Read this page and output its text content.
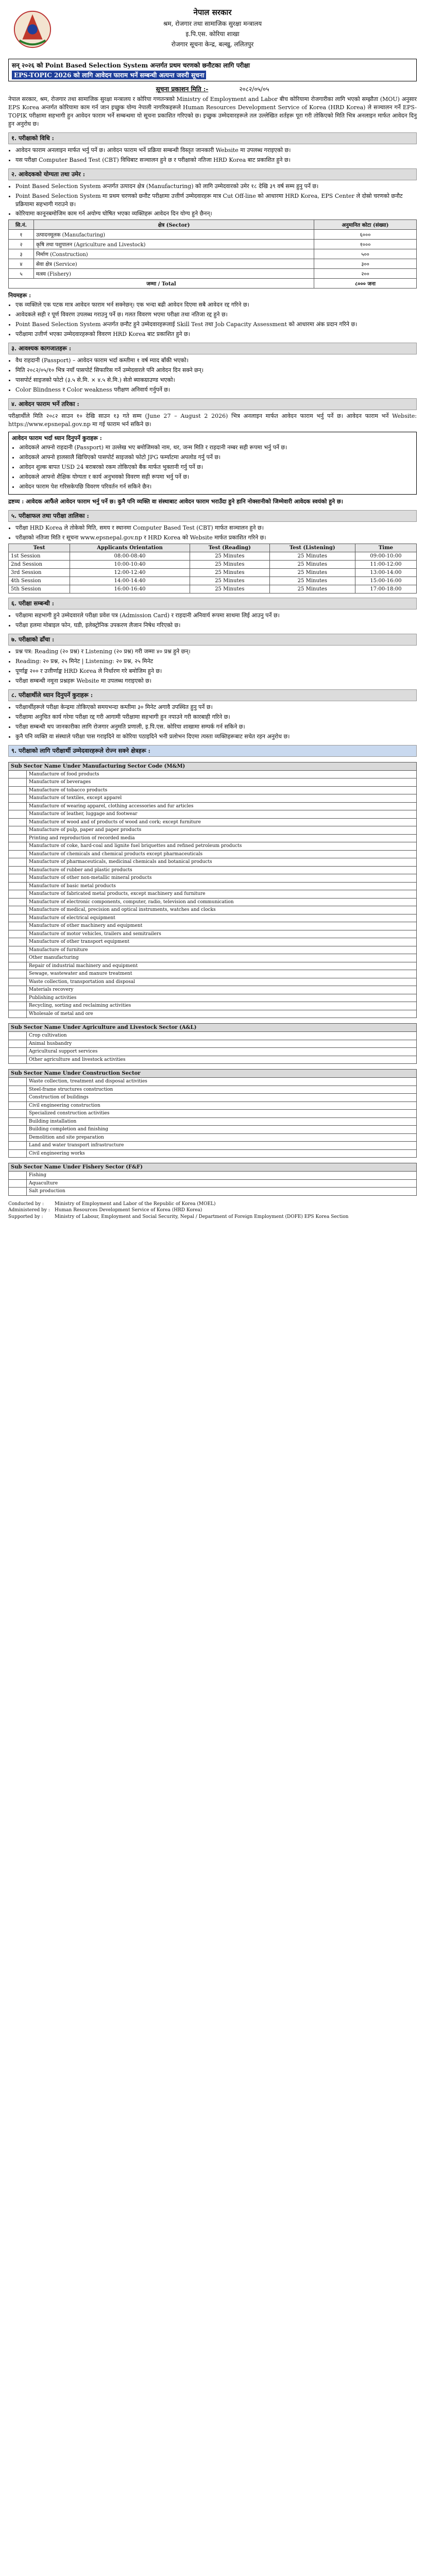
नेपाल सरकार
श्रम, रोजगार तथा सामाजिक सुरक्षा मन्त्रालय
इ.पि.एस. कोरिया शाखा
रोजगार सूचना केन्द्र, बल्खु, ललितपुर
सन् २०२६ को Point Based Selection System अन्तर्गत प्रथम चरणको छनौटका लागि परीक्षा
EPS-TOPIC 2026 को लागि आवेदन फाराम भर्ने सम्बन्धी अत्यन्त जरुरी सूचना
सूचना प्रकाशन मिति :-	२०८२/०५/०५

नेपाल सरकार, श्रम, रोजगार तथा सामाजिक सुरक्षा मन्त्रालय र कोरिया गणतन्त्रको Ministry of Employment and Labor बीच कोरियामा रोजगारीका लागि भएको सम्झौता (MOU) अनुसार EPS Korea अन्तर्गत कोरियामा काम गर्न जान इच्छुक योग्य नेपाली नागरिकहरूले Human Resources Development Service of Korea (HRD Korea) ले सञ्चालन गर्ने EPS-TOPIK परीक्षामा सहभागी हुन आवेदन फाराम भर्ने सम्बन्धमा यो सूचना प्रकाशित गरिएको छ। इच्छुक उम्मेदवारहरूले तल उल्लेखित शर्तहरू पूरा गरी तोकिएको मिति भित्र अनलाइन मार्फत आवेदन दिनु हुन अनुरोध छ।

१. परीक्षाको विधि :
• आवेदन फाराम अनलाइन मार्फत भर्नु पर्ने छ। आवेदन फाराम भर्ने प्रक्रिया सम्बन्धी विस्तृत जानकारी Website मा उपलब्ध गराइएको छ।
• यस परीक्षा Computer Based Test (CBT) विधिबाट सञ्चालन हुने छ र परीक्षाको नतिजा HRD Korea बाट प्रकाशित हुने छ।
२. आवेदकको योग्यता तथा उमेर :
• Point Based Selection System अन्तर्गत उत्पादन क्षेत्र (Manufacturing) को लागि उम्मेदवारको उमेर १८ देखि ३९ वर्ष सम्म हुनु पर्ने छ।
• Point Based Selection System मा प्रथम चरणको छनौट परीक्षामा उत्तीर्ण उम्मेदवारहरू मात्र Cut Off-line को आधारमा HRD Korea, EPS Center ले दोस्रो चरणको छनौट प्रक्रियामा सहभागी गराउने छ।
• कोरियामा कानूनबमोजिम काम गर्न अयोग्य घोषित भएका व्यक्तिहरू आवेदन दिन योग्य हुने छैनन्।
सि.नं.	क्षेत्र (Sector)	अनुमानित कोटा (संख्या)
१	उत्पादनमूलक (Manufacturing)	६०००
२	कृषि तथा पशुपालन (Agriculture and Livestock)	१०००
३	निर्माण (Construction)	५००
४	सेवा क्षेत्र (Service)	३००
५	मत्स्य (Fishery)	२००
जम्मा / Total		८००० जना
नियमहरू :
• एक व्यक्तिले एक पटक मात्र आवेदन फाराम भर्न सक्नेछन्। एक भन्दा बढी आवेदन दिएमा सबै आवेदन रद्द गरिने छ।
• आवेदकले सही र पूर्ण विवरण उपलब्ध गराउनु पर्ने छ। गलत विवरण भएमा परीक्षा तथा नतिजा रद्द हुने छ।
• Point Based Selection System अन्तर्गत छनौट हुने उम्मेदवारहरूलाई Skill Test तथा Job Capacity Assessment को आधारमा अंक प्रदान गरिने छ।
• परीक्षामा उत्तीर्ण भएका उम्मेदवारहरूको विवरण HRD Korea बाट प्रकाशित हुने छ।
३. आवश्यक कागजातहरू :
• वैध राहदानी (Passport) – आवेदन फाराम भर्दा कम्तीमा १ वर्ष म्याद बाँकी भएको।
• मिति २०८२/०५/१० भित्र नयाँ पासपोर्ट सिफारिस गर्ने उम्मेदवारले पनि आवेदन दिन सक्ने छन्।
• पासपोर्ट साइजको फोटो (३.५ से.मि. × ४.५ से.मि.) सेतो ब्याकग्राउण्ड भएको।
• Color Blindness र Color weakness परीक्षण अनिवार्य गर्नुपर्ने छ।
४. आवेदन फाराम भर्ने तरिका :

परीक्षार्थीले मिति २०८२ साउन १० देखि साउन १३ गते सम्म (June 27 – August 2 2026) भित्र अनलाइन मार्फत आवेदन फाराम भर्नु पर्ने छ। आवेदन फाराम भर्ने Website: https://www.epsnepal.gov.np मा गई फाराम भर्न सकिने छ।

आवेदन फाराम भर्दा ध्यान दिनुपर्ने कुराहरू :
• आवेदकले आफ्नो राहदानी (Passport) मा उल्लेख भए बमोजिमको नाम, थर, जन्म मिति र राहदानी नम्बर सही रूपमा भर्नु पर्ने छ।
• आवेदकले आफ्नो हालसालै खिचिएको पासपोर्ट साइजको फोटो JPG फर्म्याटमा अपलोड गर्नु पर्ने छ।
• आवेदन शुल्क बापत USD 24 बराबरको रकम तोकिएको बैंक मार्फत भुक्तानी गर्नु पर्ने छ।
• आवेदकले आफ्नो शैक्षिक योग्यता र कार्य अनुभवको विवरण सही रूपमा भर्नु पर्ने छ।
• आवेदन फाराम पेश गरिसकेपछि विवरण परिवर्तन गर्न सकिने छैन।

द्रष्टव्य : आवेदक आफैंले आवेदन फाराम भर्नु पर्ने छ। कुनै पनि व्यक्ति वा संस्थाबाट आवेदन फाराम भराउँदा हुने हानि नोक्सानीको जिम्मेवारी आवेदक स्वयंको हुने छ।

५. परीक्षाफल तथा परीक्षा तालिका :
• परीक्षा HRD Korea ले तोकेको मिति, समय र स्थानमा Computer Based Test (CBT) मार्फत सञ्चालन हुने छ।
• परीक्षाको नतिजा मिति र सूचना www.epsnepal.gov.np र HRD Korea को Website मार्फत प्रकाशित गरिने छ।
Test	Applicants Orientation	Test (Reading)	Test (Listening)	Time
1st Session	08:00-08:40	25 Minutes	25 Minutes	09:00-10:00
2nd Session	10:00-10:40	25 Minutes	25 Minutes	11:00-12:00
3rd Session	12:00-12:40	25 Minutes	25 Minutes	13:00-14:00
4th Session	14:00-14:40	25 Minutes	25 Minutes	15:00-16:00
5th Session	16:00-16:40	25 Minutes	25 Minutes	17:00-18:00
६. परीक्षा सम्बन्धी :
• परीक्षामा सहभागी हुने उम्मेदवारले परीक्षा प्रवेश पत्र (Admission Card) र राहदानी अनिवार्य रूपमा साथमा लिई आउनु पर्ने छ।
• परीक्षा हलमा मोबाइल फोन, घडी, इलेक्ट्रोनिक उपकरण लैजान निषेध गरिएको छ।
७. परीक्षाको ढाँचा :
• प्रश्न पत्र: Reading (२० प्रश्न) र Listening (२० प्रश्न) गरी जम्मा ४० प्रश्न हुने छन्।
• Reading: २० प्रश्न, २५ मिनेट | Listening: २० प्रश्न, २५ मिनेट
• पूर्णाङ्क २०० र उत्तीर्णाङ्क HRD Korea ले निर्धारण गरे बमोजिम हुने छ।
• परीक्षा सम्बन्धी नमूना प्रश्नहरू Website मा उपलब्ध गराइएको छ।
८. परीक्षार्थीले ध्यान दिनुपर्ने कुराहरू :
• परीक्षार्थीहरूले परीक्षा केन्द्रमा तोकिएको समयभन्दा कम्तीमा ३० मिनेट अगावै उपस्थित हुनु पर्ने छ।
• परीक्षामा अनुचित कार्य गरेमा परीक्षा रद्द गरी आगामी परीक्षामा सहभागी हुन नपाउने गरी कारबाही गरिने छ।
• परीक्षा सम्बन्धी थप जानकारीका लागि रोजगार अनुमति प्रणाली, इ.पि.एस. कोरिया शाखामा सम्पर्क गर्न सकिने छ।
• कुनै पनि व्यक्ति वा संस्थाले परीक्षा पास गराइदिने वा कोरिया पठाइदिने भनी प्रलोभन दिएमा त्यस्ता व्यक्तिहरूबाट सचेत रहन अनुरोध छ।
९. परीक्षाको लागि परीक्षार्थी उम्मेदवारहरूले रोज्न सक्ने क्षेत्रहरू :
Sub Sector Name Under Manufacturing Sector Code (M&M)	
	Manufacture of food products
	Manufacture of beverages
	Manufacture of tobacco products
	Manufacture of textiles, except apparel
	Manufacture of wearing apparel, clothing accessories and fur articles
	Manufacture of leather, luggage and footwear
	Manufacture of wood and of products of wood and cork; except furniture
	Manufacture of pulp, paper and paper products
	Printing and reproduction of recorded media
	Manufacture of coke, hard-coal and lignite fuel briquettes and refined petroleum products
	Manufacture of chemicals and chemical products except pharmaceuticals
	Manufacture of pharmaceuticals, medicinal chemicals and botanical products
	Manufacture of rubber and plastic products
	Manufacture of other non-metallic mineral products
	Manufacture of basic metal products
	Manufacture of fabricated metal products, except machinery and furniture
	Manufacture of electronic components, computer, radio, television and communication
	Manufacture of medical, precision and optical instruments, watches and clocks
	Manufacture of electrical equipment
	Manufacture of other machinery and equipment
	Manufacture of motor vehicles, trailers and semitrailers
	Manufacture of other transport equipment
	Manufacture of furniture
	Other manufacturing
	Repair of industrial machinery and equipment
	Sewage, wastewater and manure treatment
	Waste collection, transportation and disposal
	Materials recovery
	Publishing activities
	Recycling, sorting and reclaiming activities
	Wholesale of metal and ore
Sub Sector Name Under Agriculture and Livestock Sector (A&L)	
	Crop cultivation
	Animal husbandry
	Agricultural support services
	Other agriculture and livestock activities
Sub Sector Name Under Construction Sector	
	Waste collection, treatment and disposal activities
	Steel-frame structures construction
	Construction of buildings
	Civil engineering construction
	Specialized construction activities
	Building installation
	Building completion and finishing
	Demolition and site preparation
	Land and water transport infrastructure
	Civil engineering works
Sub Sector Name Under Fishery Sector (F&F)	
	Fishing
	Aquaculture
	Salt production
Conducted by :	Ministry of Employment and Labor of the Republic of Korea (MOEL)
Administered by :	Human Resources Development Service of Korea (HRD Korea)
Supported by :	Ministry of Labour, Employment and Social Security, Nepal / Department of Foreign Employment (DOFE) EPS Korea Section
